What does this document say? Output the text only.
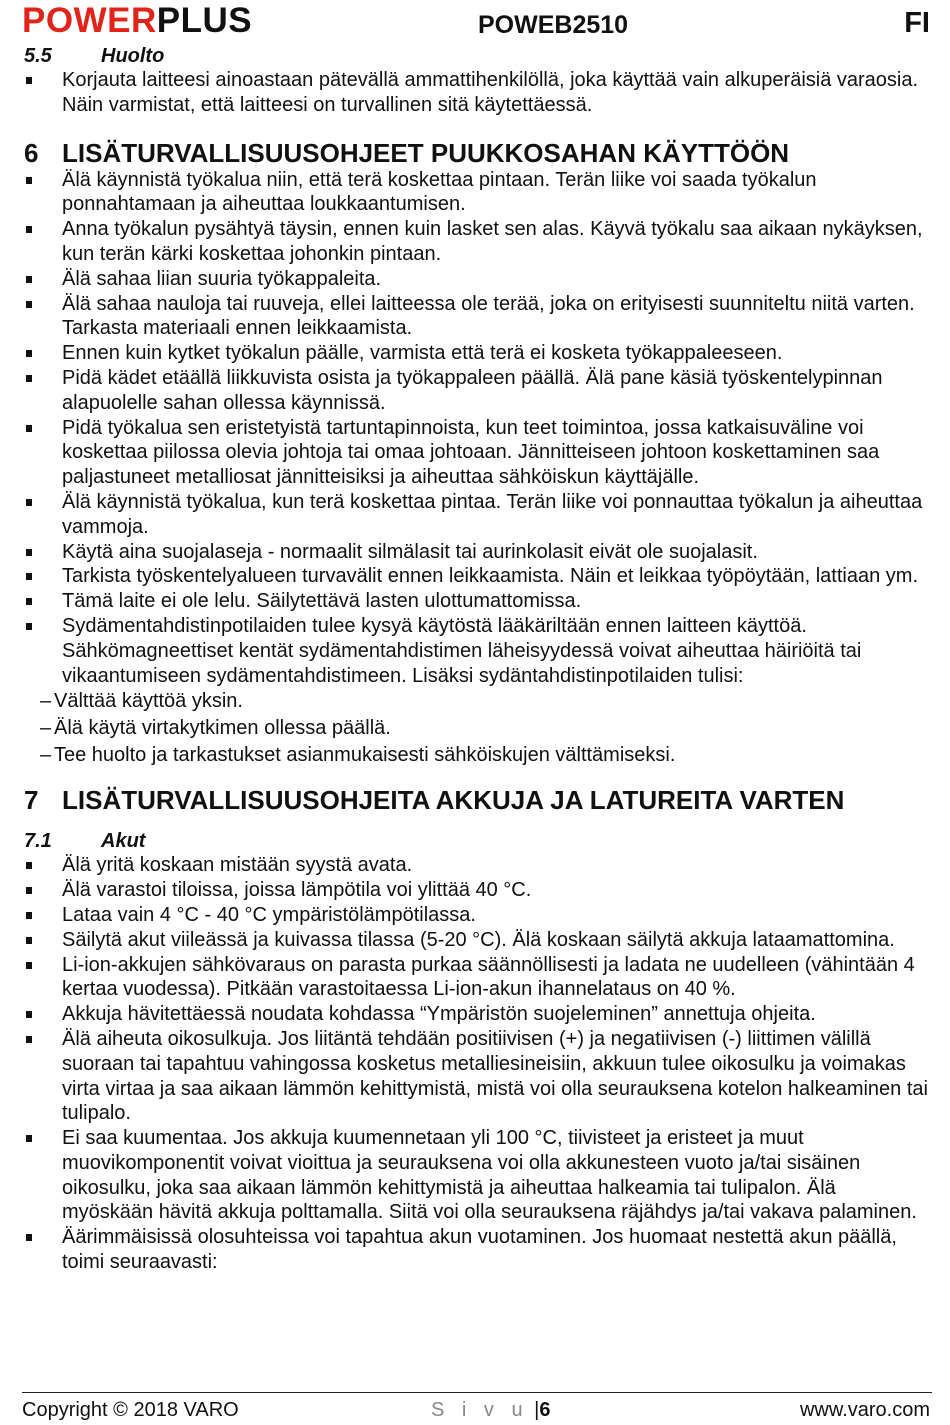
POWERPLUS	POWEB2510	FI
5.5 Huolto
Korjauta laitteesi ainoastaan pätevällä ammattihenkilöllä, joka käyttää vain alkuperäisiä varaosia. Näin varmistat, että laitteesi on turvallinen sitä käytettäessä.
6 LISÄTURVALLISUUSOHJEET PUUKKOSAHAN KÄYTTÖÖN
Älä käynnistä työkalua niin, että terä koskettaa pintaan. Terän liike voi saada työkalun ponnahtamaan ja aiheuttaa loukkaantumisen.
Anna työkalun pysähtyä täysin, ennen kuin lasket sen alas. Käyvä työkalu saa aikaan nykäyksen, kun terän kärki koskettaa johonkin pintaan.
Älä sahaa liian suuria työkappaleita.
Älä sahaa nauloja tai ruuveja, ellei laitteessa ole terää, joka on erityisesti suunniteltu niitä varten. Tarkasta materiaali ennen leikkaamista.
Ennen kuin kytket työkalun päälle, varmista että terä ei kosketa työkappaleeseen.
Pidä kädet etäällä liikkuvista osista ja työkappaleen päällä. Älä pane käsiä työskentelypinnan alapuolelle sahan ollessa käynnissä.
Pidä työkalua sen eristetyistä tartuntapinnoista, kun teet toimintoa, jossa katkaisuväline voi koskettaa piilossa olevia johtoja tai omaa johtoaan. Jännitteiseen johtoon koskettaminen saa paljastuneet metalliosat jännitteisiksi ja aiheuttaa sähköiskun käyttäjälle.
Älä käynnistä työkalua, kun terä koskettaa pintaa. Terän liike voi ponnauttaa työkalun ja aiheuttaa vammoja.
Käytä aina suojalaseja - normaalit silmälasit tai aurinkolasit eivät ole suojalasit.
Tarkista työskentelyalueen turvavälit ennen leikkaamista. Näin et leikkaa työpöytään, lattiaan ym.
Tämä laite ei ole lelu. Säilytettävä lasten ulottumattomissa.
Sydämentahdistinpotilaiden tulee kysyä käytöstä lääkäriltään ennen laitteen käyttöä. Sähkömagneettiset kentät sydämentahdistimen läheisyydessä voivat aiheuttaa häiriöitä tai vikaantumiseen sydämentahdistimeen. Lisäksi sydäntahdistinpotilaiden tulisi:
– Välttää käyttöä yksin.
– Älä käytä virtakytkimen ollessa päällä.
– Tee huolto ja tarkastukset asianmukaisesti sähköiskujen välttämiseksi.
7 LISÄTURVALLISUUSOHJEITA AKKUJA JA LATUREITA VARTEN
7.1 Akut
Älä yritä koskaan mistään syystä avata.
Älä varastoi tiloissa, joissa lämpötila voi ylittää 40 °C.
Lataa vain 4 °C - 40 °C ympäristölämpötilassa.
Säilytä akut viileässä ja kuivassa tilassa (5-20 °C). Älä koskaan säilytä akkuja lataamattomina.
Li-ion-akkujen sähkövaraus on parasta purkaa säännöllisesti ja ladata ne uudelleen (vähintään 4 kertaa vuodessa). Pitkään varastoitaessa Li-ion-akun ihannelataus on 40 %.
Akkuja hävitettäessä noudata kohdassa “Ympäristön suojeleminen” annettuja ohjeita.
Älä aiheuta oikosulkuja. Jos liitäntä tehdään positiivisen (+) ja negatiivisen (-) liittimen välillä suoraan tai tapahtuu vahingossa kosketus metalliesineisiin, akkuun tulee oikosulku ja voimakas virta virtaa ja saa aikaan lämmön kehittymistä, mistä voi olla seurauksena kotelon halkeaminen tai tulipalo.
Ei saa kuumentaa. Jos akkuja kuumennetaan yli 100 °C, tiivisteet ja eristeet ja muut muovikomponentit voivat vioittua ja seurauksena voi olla akkunesteen vuoto ja/tai sisäinen oikosulku, joka saa aikaan lämmön kehittymistä ja aiheuttaa halkeamia tai tulipalon. Älä myöskään hävitä akkuja polttamalla. Siitä voi olla seurauksena räjähdys ja/tai vakava palaminen.
Äärimmäisissä olosuhteissa voi tapahtua akun vuotaminen. Jos huomaat nestettä akun päällä, toimi seuraavasti:
Copyright © 2018 VARO	S i v u |6	www.varo.com
